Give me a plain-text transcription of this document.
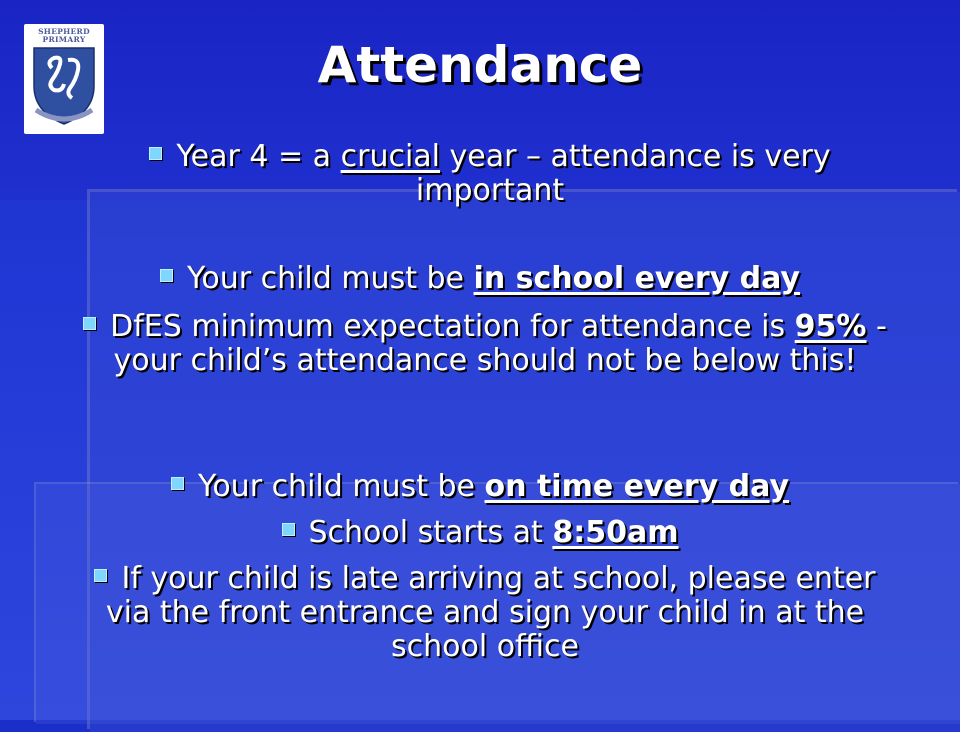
SHEPHERD
PRIMARY	Attendance
Year 4 = a crucial year – attendance is very important
Your child must be in school every day
DfES minimum expectation for attendance is 95% - your child’s attendance should not be below this!
Your child must be on time every day
School starts at 8:50am
If your child is late arriving at school, please enter via the front entrance and sign your child in at the school office
